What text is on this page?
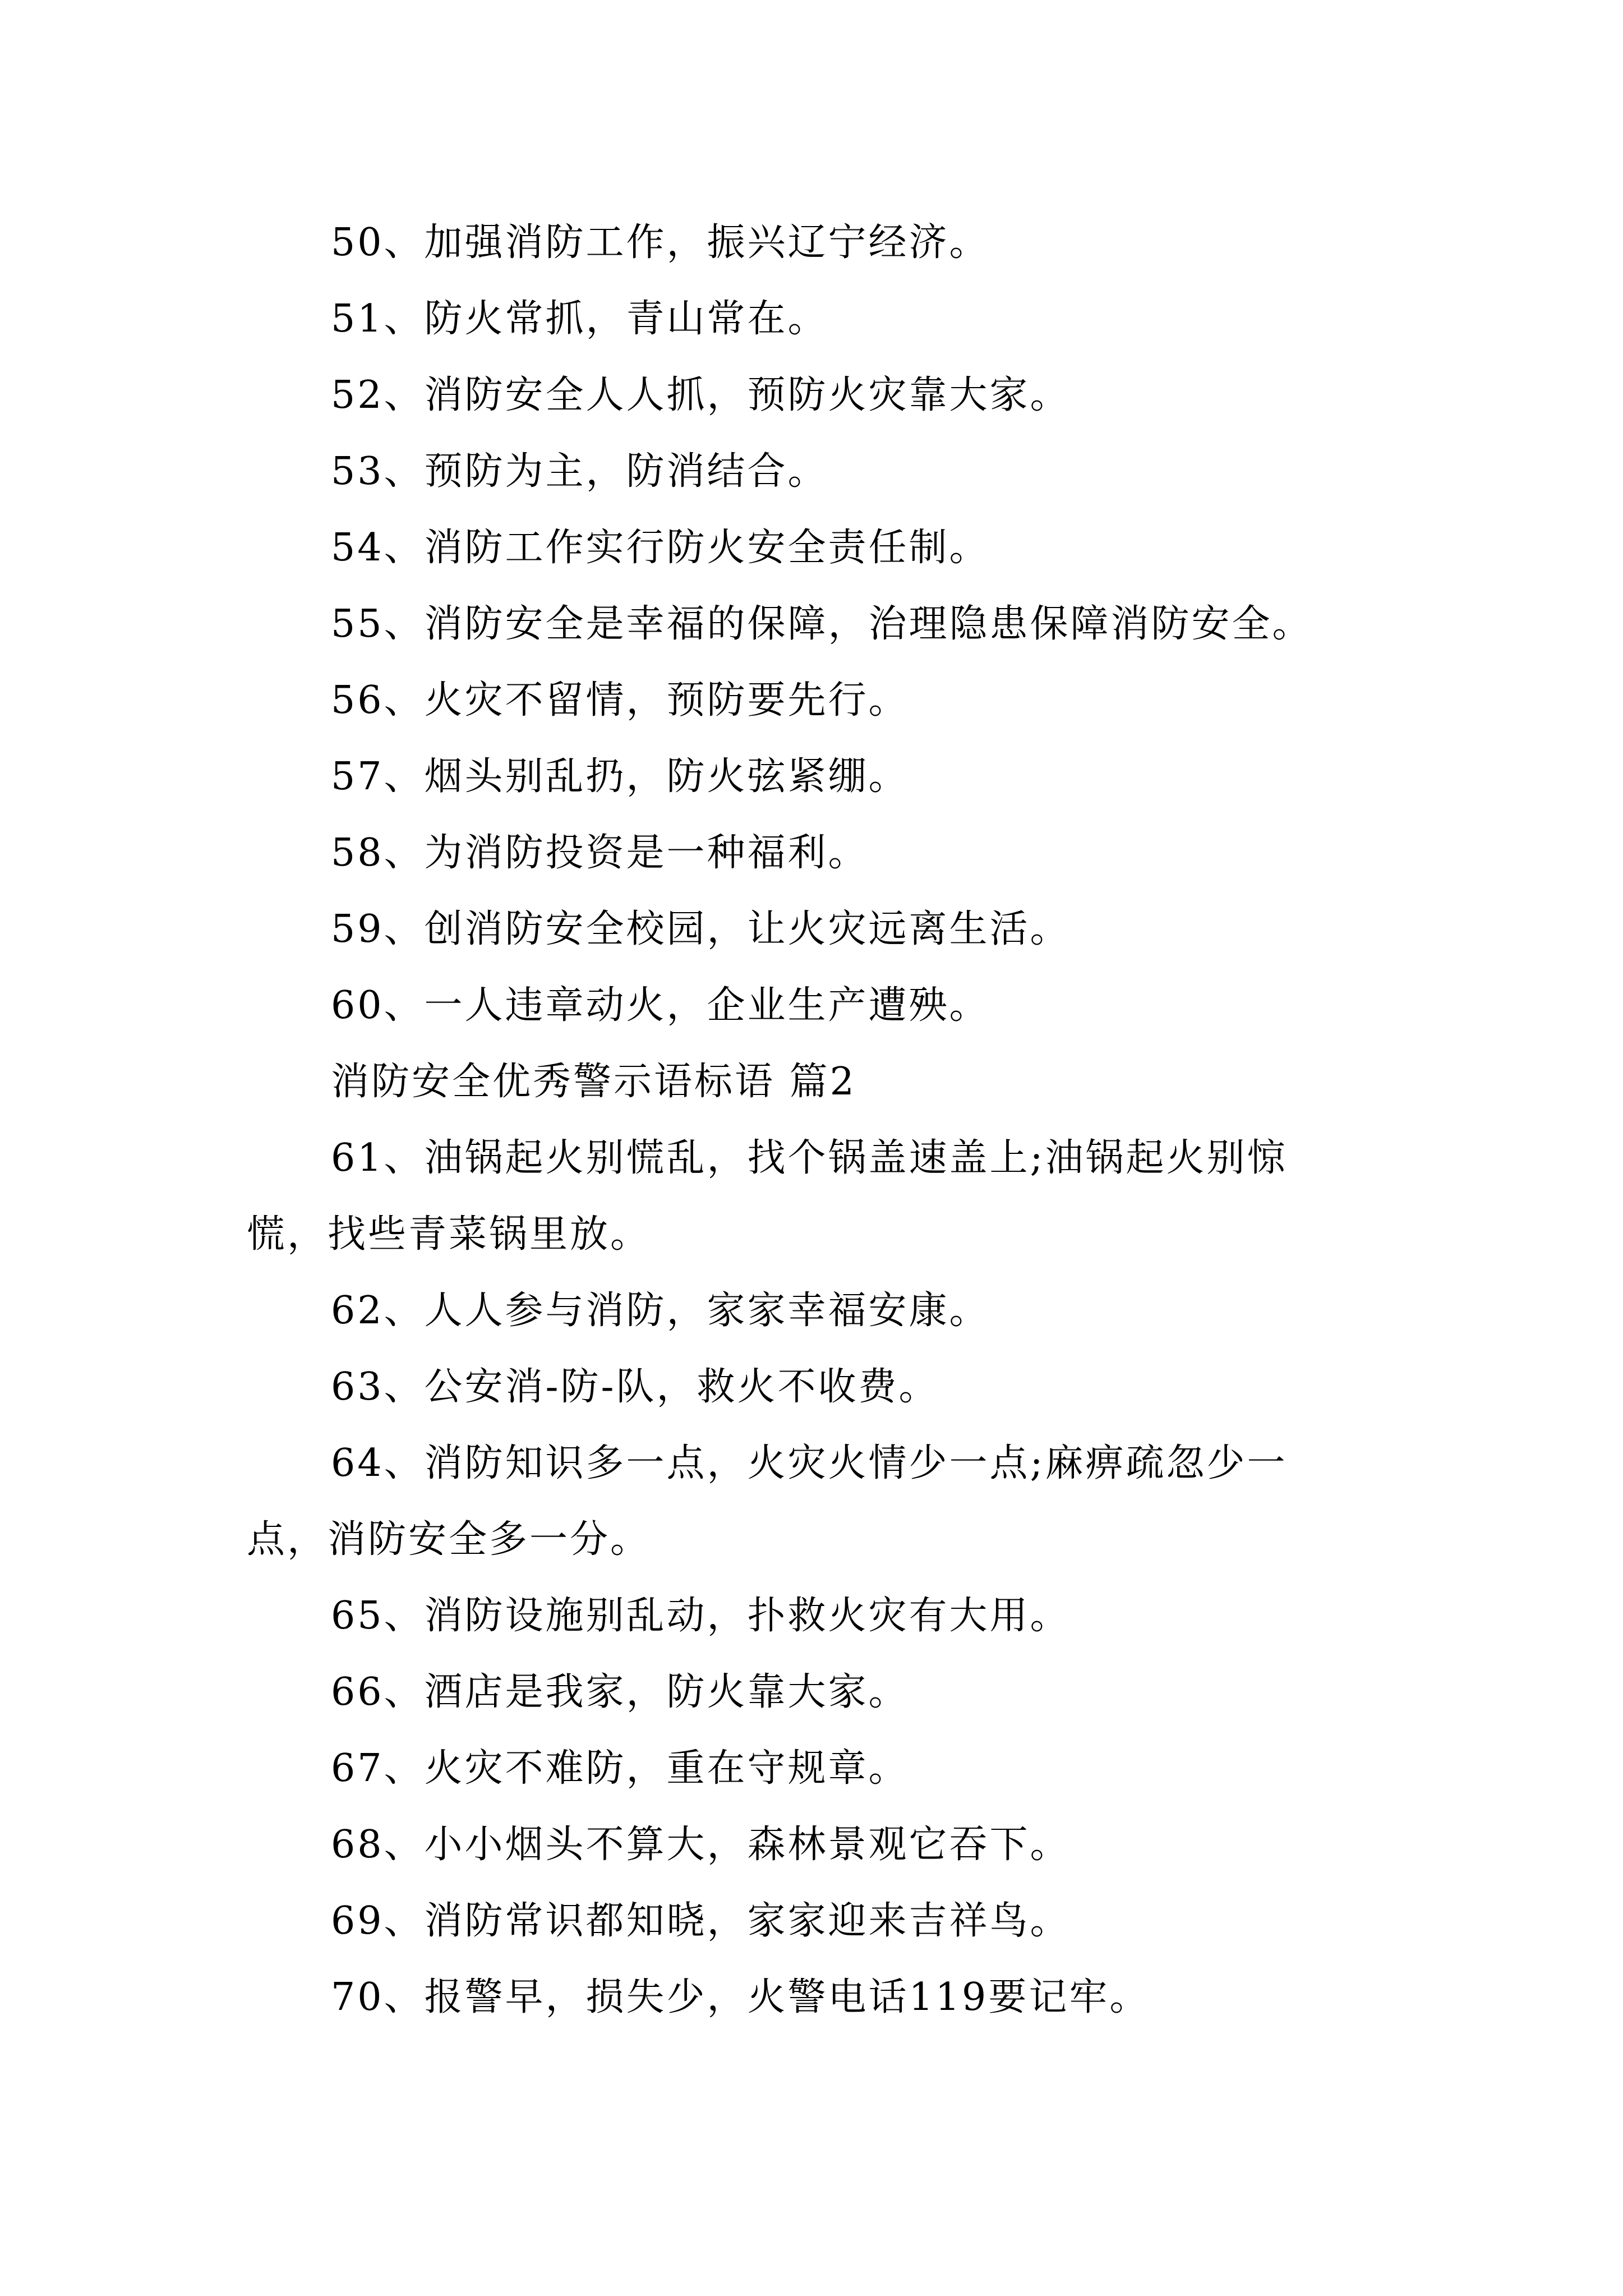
50、加强消防工作，振兴辽宁经济。
51、防火常抓，青山常在。
52、消防安全人人抓，预防火灾靠大家。
53、预防为主，防消结合。
54、消防工作实行防火安全责任制。
55、消防安全是幸福的保障，治理隐患保障消防安全。
56、火灾不留情，预防要先行。
57、烟头别乱扔，防火弦紧绷。
58、为消防投资是一种福利。
59、创消防安全校园，让火灾远离生活。
60、一人违章动火，企业生产遭殃。
消防安全优秀警示语标语 篇2
61、油锅起火别慌乱，找个锅盖速盖上;油锅起火别惊
慌，找些青菜锅里放。
62、人人参与消防，家家幸福安康。
63、公安消-防-队，救火不收费。
64、消防知识多一点，火灾火情少一点;麻痹疏忽少一
点，消防安全多一分。
65、消防设施别乱动，扑救火灾有大用。
66、酒店是我家，防火靠大家。
67、火灾不难防，重在守规章。
68、小小烟头不算大，森林景观它吞下。
69、消防常识都知晓，家家迎来吉祥鸟。
70、报警早，损失少，火警电话119要记牢。
